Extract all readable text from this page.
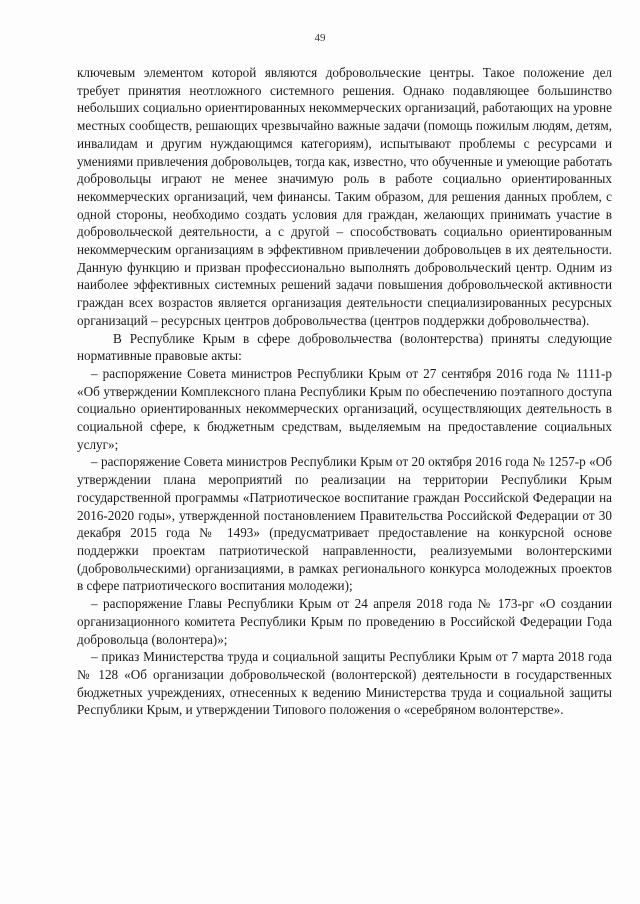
49

ключевым элементом которой являются добровольческие центры. Такое положение дел требует принятия неотложного системного решения. Однако подавляющее большинство небольших социально ориентированных некоммерческих организаций, работающих на уровне местных сообществ, решающих чрезвычайно важные задачи (помощь пожилым людям, детям, инвалидам и другим нуждающимся категориям), испытывают проблемы с ресурсами и умениями привлечения добровольцев, тогда как, известно, что обученные и умеющие работать добровольцы играют не менее значимую роль в работе социально ориентированных некоммерческих организаций, чем финансы. Таким образом, для решения данных проблем, с одной стороны, необходимо создать условия для граждан, желающих принимать участие в добровольческой деятельности, а с другой – способствовать социально ориентированным некоммерческим организациям в эффективном привлечении добровольцев в их деятельности. Данную функцию и призван профессионально выполнять добровольческий центр. Одним из наиболее эффективных системных решений задачи повышения добровольческой активности граждан всех возрастов является организация деятельности специализированных ресурсных организаций – ресурсных центров добровольчества (центров поддержки добровольчества).

В Республике Крым в сфере добровольчества (волонтерства) приняты следующие нормативные правовые акты:

– распоряжение Совета министров Республики Крым от 27 сентября 2016 года № 1111-р «Об утверждении Комплексного плана Республики Крым по обеспечению поэтапного доступа социально ориентированных некоммерческих организаций, осуществляющих деятельность в социальной сфере, к бюджетным средствам, выделяемым на предоставление социальных услуг»;

– распоряжение Совета министров Республики Крым от 20 октября 2016 года № 1257-р «Об утверждении плана мероприятий по реализации на территории Республики Крым государственной программы «Патриотическое воспитание граждан Российской Федерации на 2016-2020 годы», утвержденной постановлением Правительства Российской Федерации от 30 декабря 2015 года № 1493» (предусматривает предоставление на конкурсной основе поддержки проектам патриотической направленности, реализуемыми волонтерскими (добровольческими) организациями, в рамках регионального конкурса молодежных проектов в сфере патриотического воспитания молодежи);

– распоряжение Главы Республики Крым от 24 апреля 2018 года № 173-рг «О создании организационного комитета Республики Крым по проведению в Российской Федерации Года добровольца (волонтера)»;

– приказ Министерства труда и социальной защиты Республики Крым от 7 марта 2018 года № 128 «Об организации добровольческой (волонтерской) деятельности в государственных бюджетных учреждениях, отнесенных к ведению Министерства труда и социальной защиты Республики Крым, и утверждении Типового положения о «серебряном волонтерстве».
